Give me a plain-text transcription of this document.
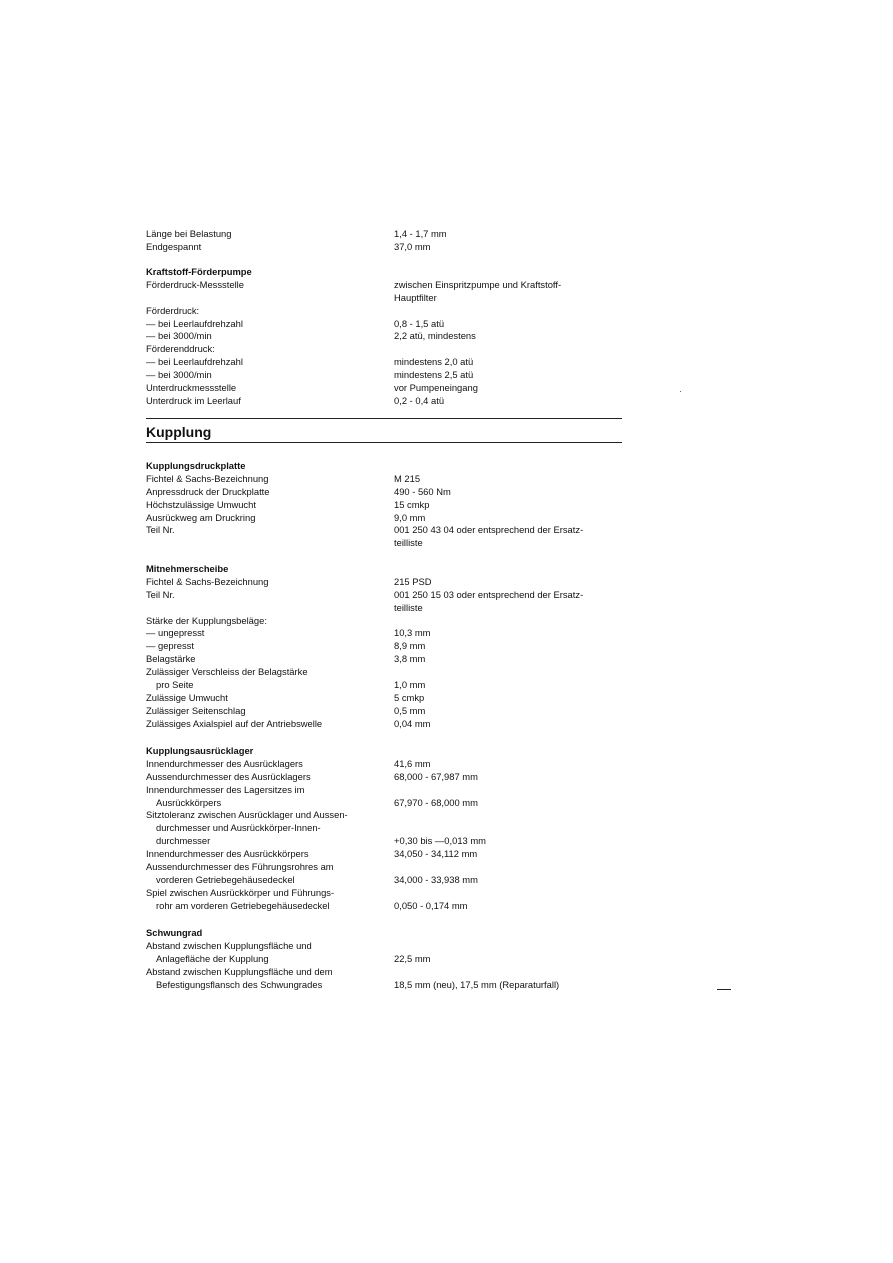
Länge bei Belastung	1,4 - 1,7 mm
Endgespannt	37,0 mm
Kraftstoff-Förderpumpe
Förderdruck-Messstelle	zwischen Einspritzpumpe und Kraftstoff-
Hauptfilter
Förderdruck:
— bei Leerlaufdrehzahl	0,8 - 1,5 atü
— bei 3000/min	2,2 atü, mindestens
Förderenddruck:
— bei Leerlaufdrehzahl	mindestens 2,0 atü
— bei 3000/min	mindestens 2,5 atü
Unterdruckmessstelle	vor Pumpeneingang
Unterdruck im Leerlauf	0,2 - 0,4 atü
Kupplung
Kupplungsdruckplatte
Fichtel & Sachs-Bezeichnung	M 215
Anpressdruck der Druckplatte	490 - 560 Nm
Höchstzulässige Umwucht	15 cmkp
Ausrückweg am Druckring	9,0 mm
Teil Nr.	001 250 43 04 oder entsprechend der Ersatz-
teilliste
Mitnehmerscheibe
Fichtel & Sachs-Bezeichnung	215 PSD
Teil Nr.	001 250 15 03 oder entsprechend der Ersatz-
teilliste
Stärke der Kupplungsbeläge:
— ungepresst	10,3 mm
— gepresst	8,9 mm
Belagstärke	3,8 mm
Zulässiger Verschleiss der Belagstärke
pro Seite	1,0 mm
Zulässige Umwucht	5 cmkp
Zulässiger Seitenschlag	0,5 mm
Zulässiges Axialspiel auf der Antriebswelle	0,04 mm
Kupplungsausrücklager
Innendurchmesser des Ausrücklagers	41,6 mm
Aussendurchmesser des Ausrücklagers	68,000 - 67,987 mm
Innendurchmesser des Lagersitzes im
Ausrückkörpers	67,970 - 68,000 mm
Sitztoleranz zwischen Ausrücklager und Aussen-
durchmesser und Ausrückkörper-Innen-
durchmesser	+0,30 bis —0,013 mm
Innendurchmesser des Ausrückkörpers	34,050 - 34,112 mm
Aussendurchmesser des Führungsrohres am
vorderen Getriebegehäusedeckel	34,000 - 33,938 mm
Spiel zwischen Ausrückkörper und Führungs-
rohr am vorderen Getriebegehäusedeckel	0,050 - 0,174 mm
Schwungrad
Abstand zwischen Kupplungsfläche und
Anlagefläche der Kupplung	22,5 mm
Abstand zwischen Kupplungsfläche und dem
Befestigungsflansch des Schwungrades	18,5 mm (neu), 17,5 mm (Reparaturfall)
